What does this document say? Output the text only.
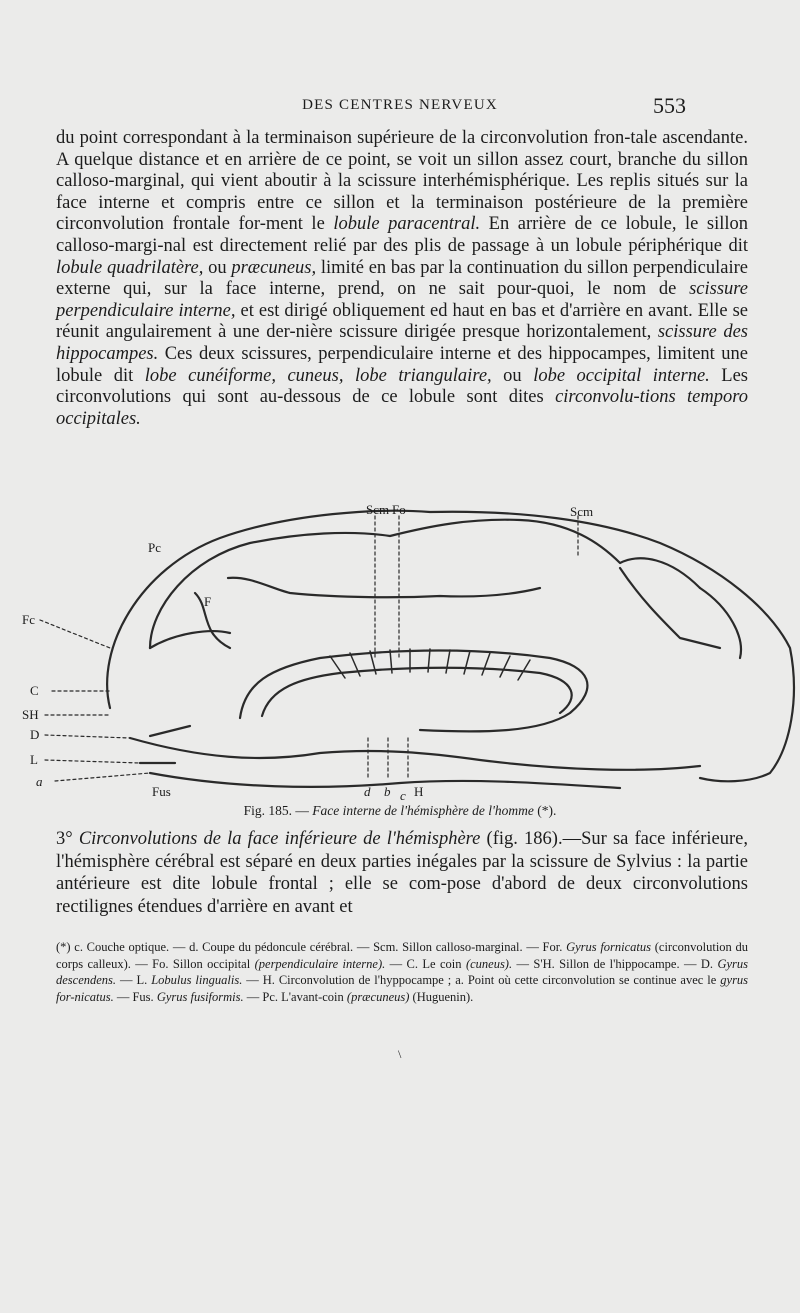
DES CENTRES NERVEUX	553
du point correspondant à la terminaison supérieure de la circonvolution fron-tale ascendante. A quelque distance et en arrière de ce point, se voit un sillon assez court, branche du sillon calloso-marginal, qui vient aboutir à la scissure interhémisphérique. Les replis situés sur la face interne et compris entre ce sillon et la terminaison postérieure de la première circonvolution frontale for-ment le lobule paracentral. En arrière de ce lobule, le sillon calloso-margi-nal est directement relié par des plis de passage à un lobule périphérique dit lobule quadrilatère, ou præcuneus, limité en bas par la continuation du sillon perpendiculaire externe qui, sur la face interne, prend, on ne sait pour-quoi, le nom de scissure perpendiculaire interne, et est dirigé obliquement ed haut en bas et d'arrière en avant. Elle se réunit angulairement à une der-nière scissure dirigée presque horizontalement, scissure des hippocampes. Ces deux scissures, perpendiculaire interne et des hippocampes, limitent une lobule dit lobe cunéiforme, cuneus, lobe triangulaire, ou lobe occipital interne. Les circonvolutions qui sont au-dessous de ce lobule sont dites circonvolu-tions temporo occipitales.
Scm Fo	Scm
Pc
F
Fc
C
SH
D
L
a
Fus	d b c H
Fig. 185. — Face interne de l'hémisphère de l'homme (*).
3° Circonvolutions de la face inférieure de l'hémisphère (fig. 186).—Sur sa face inférieure, l'hémisphère cérébral est séparé en deux parties inégales par la scissure de Sylvius : la partie antérieure est dite lobule frontal ; elle se com-pose d'abord de deux circonvolutions rectilignes étendues d'arrière en avant et
(*) c. Couche optique. — d. Coupe du pédoncule cérébral. — Scm. Sillon calloso-marginal. — For. Gyrus fornicatus (circonvolution du corps calleux). — Fo. Sillon occipital (perpendiculaire interne). — C. Le coin (cuneus). — S'H. Sillon de l'hippocampe. — D. Gyrus descendens. — L. Lobulus lingualis. — H. Circonvolution de l'hyppocampe ; a. Point où cette circonvolution se continue avec le gyrus for-nicatus. — Fus. Gyrus fusiformis. — Pc. L'avant-coin (præcuneus) (Huguenin).
\
